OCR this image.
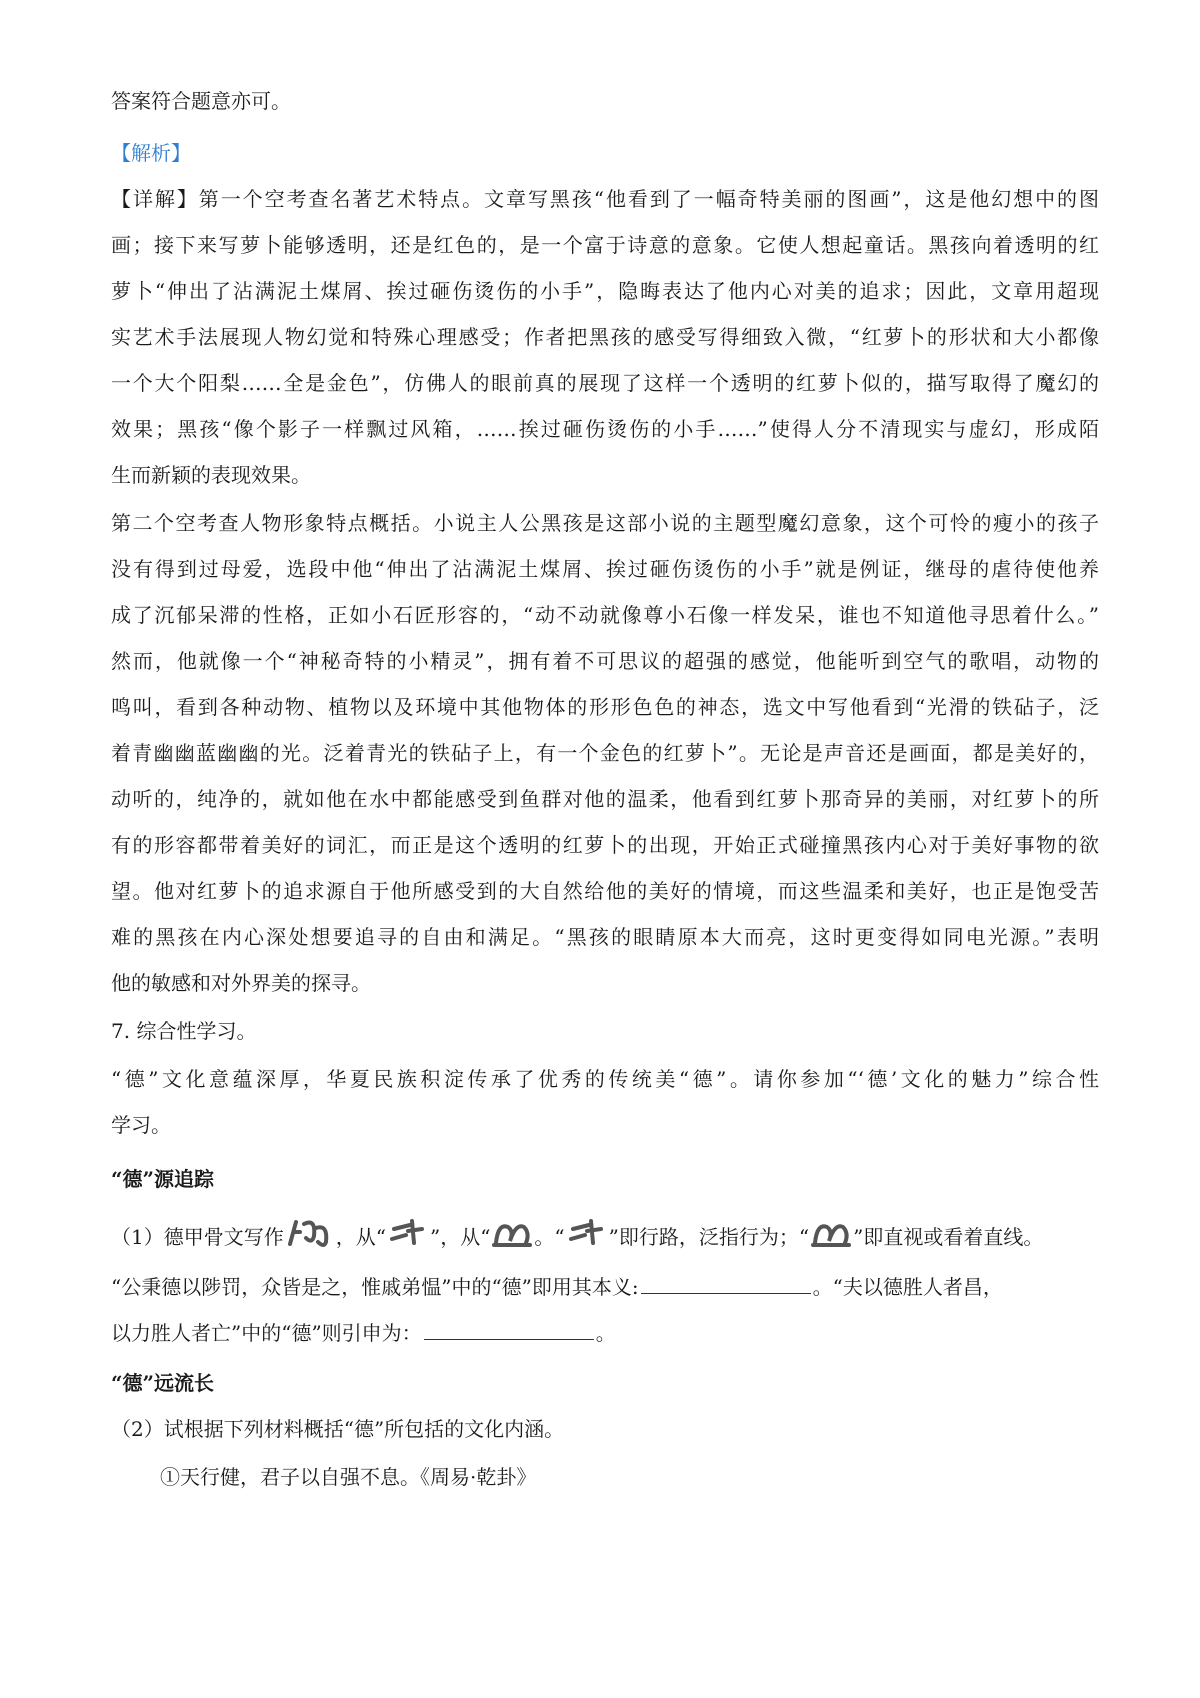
答案符合题意亦可。

【解析】

【详解】第一个空考查名著艺术特点。文章写黑孩“他看到了一幅奇特美丽的图画”，这是他幻想中的图

画；接下来写萝卜能够透明，还是红色的，是一个富于诗意的意象。它使人想起童话。黑孩向着透明的红

萝卜“伸出了沾满泥土煤屑、挨过砸伤烫伤的小手”，隐晦表达了他内心对美的追求；因此，文章用超现

实艺术手法展现人物幻觉和特殊心理感受；作者把黑孩的感受写得细致入微，“红萝卜的形状和大小都像

一个大个阳梨……全是金色”，仿佛人的眼前真的展现了这样一个透明的红萝卜似的，描写取得了魔幻的

效果；黑孩“像个影子一样飘过风箱，……挨过砸伤烫伤的小手……”使得人分不清现实与虚幻，形成陌

生而新颖的表现效果。

第二个空考查人物形象特点概括。小说主人公黑孩是这部小说的主题型魔幻意象，这个可怜的瘦小的孩子

没有得到过母爱，选段中他“伸出了沾满泥土煤屑、挨过砸伤烫伤的小手”就是例证，继母的虐待使他养

成了沉郁呆滞的性格，正如小石匠形容的，“动不动就像尊小石像一样发呆，谁也不知道他寻思着什么。”

然而，他就像一个“神秘奇特的小精灵”，拥有着不可思议的超强的感觉，他能听到空气的歌唱，动物的

鸣叫，看到各种动物、植物以及环境中其他物体的形形色色的神态，选文中写他看到“光滑的铁砧子，泛

着青幽幽蓝幽幽的光。泛着青光的铁砧子上，有一个金色的红萝卜”。无论是声音还是画面，都是美好的，

动听的，纯净的，就如他在水中都能感受到鱼群对他的温柔，他看到红萝卜那奇异的美丽，对红萝卜的所

有的形容都带着美好的词汇，而正是这个透明的红萝卜的出现，开始正式碰撞黑孩内心对于美好事物的欲

望。他对红萝卜的追求源自于他所感受到的大自然给他的美好的情境，而这些温柔和美好，也正是饱受苦

难的黑孩在内心深处想要追寻的自由和满足。“黑孩的眼睛原本大而亮，这时更变得如同电光源。”表明

他的敏感和对外界美的探寻。

7. 综合性学习。

“德”文化意蕴深厚，华夏民族积淀传承了优秀的传统美“德”。请你参加“‘德’文化的魅力”综合性

学习。

“德”源追踪

（1）德甲骨文写作	，从“ ”，从“ 。“ ”即行路，泛指行为；“ ”即直视或看着直线。
“公秉德以陟罚，众皆是之，惟戚弟愠”中的“德”即用其本义:	。“夫以德胜人者昌，
以力胜人者亡”中的“德”则引申为：	。

“德”远流长

（2）试根据下列材料概括“德”所包括的文化内涵。

①天行健，君子以自强不息。《周易·乾卦》
